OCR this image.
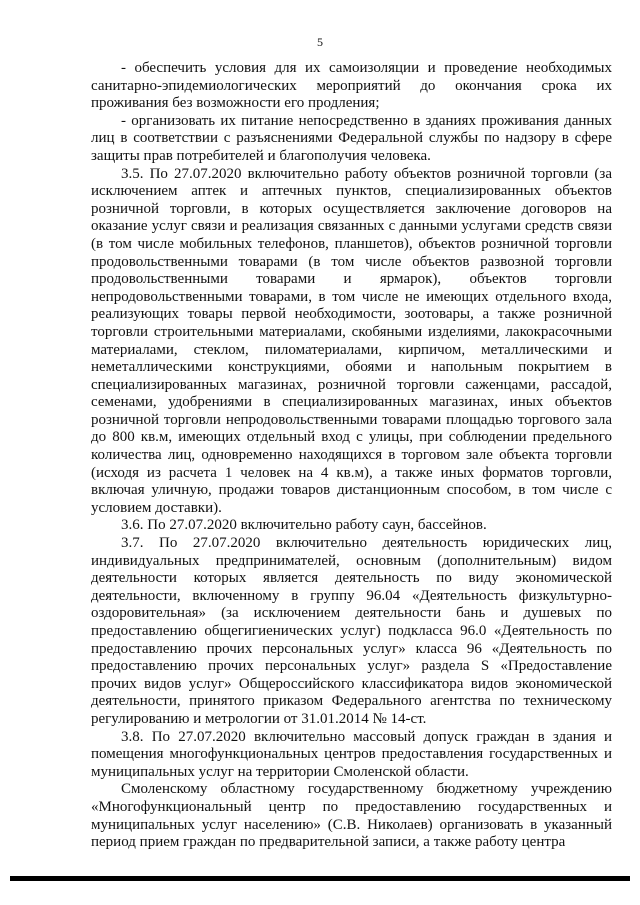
5

- обеспечить условия для их самоизоляции и проведение необходимых санитарно-эпидемиологических мероприятий до окончания срока их проживания без возможности его продления;

- организовать их питание непосредственно в зданиях проживания данных лиц в соответствии с разъяснениями Федеральной службы по надзору в сфере защиты прав потребителей и благополучия человека.

3.5. По 27.07.2020 включительно работу объектов розничной торговли (за исключением аптек и аптечных пунктов, специализированных объектов розничной торговли, в которых осуществляется заключение договоров на оказание услуг связи и реализация связанных с данными услугами средств связи (в том числе мобильных телефонов, планшетов), объектов розничной торговли продовольственными товарами (в том числе объектов развозной торговли продовольственными товарами и ярмарок), объектов торговли непродовольственными товарами, в том числе не имеющих отдельного входа, реализующих товары первой необходимости, зоотовары, а также розничной торговли строительными материалами, скобяными изделиями, лакокрасочными материалами, стеклом, пиломатериалами, кирпичом, металлическими и неметаллическими конструкциями, обоями и напольным покрытием в специализированных магазинах, розничной торговли саженцами, рассадой, семенами, удобрениями в специализированных магазинах, иных объектов розничной торговли непродовольственными товарами площадью торгового зала до 800 кв.м, имеющих отдельный вход с улицы, при соблюдении предельного количества лиц, одновременно находящихся в торговом зале объекта торговли (исходя из расчета 1 человек на 4 кв.м), а также иных форматов торговли, включая уличную, продажи товаров дистанционным способом, в том числе с условием доставки).

3.6. По 27.07.2020 включительно работу саун, бассейнов.

3.7. По 27.07.2020 включительно деятельность юридических лиц, индивидуальных предпринимателей, основным (дополнительным) видом деятельности которых является деятельность по виду экономической деятельности, включенному в группу 96.04 «Деятельность физкультурно-оздоровительная» (за исключением деятельности бань и душевых по предоставлению общегигиенических услуг) подкласса 96.0 «Деятельность по предоставлению прочих персональных услуг» класса 96 «Деятельность по предоставлению прочих персональных услуг» раздела S «Предоставление прочих видов услуг» Общероссийского классификатора видов экономической деятельности, принятого приказом Федерального агентства по техническому регулированию и метрологии от 31.01.2014 № 14-ст.

3.8. По 27.07.2020 включительно массовый допуск граждан в здания и помещения многофункциональных центров предоставления государственных и муниципальных услуг на территории Смоленской области.

Смоленскому областному государственному бюджетному учреждению «Многофункциональный центр по предоставлению государственных и муниципальных услуг населению» (С.В. Николаев) организовать в указанный период прием граждан по предварительной записи, а также работу центра
